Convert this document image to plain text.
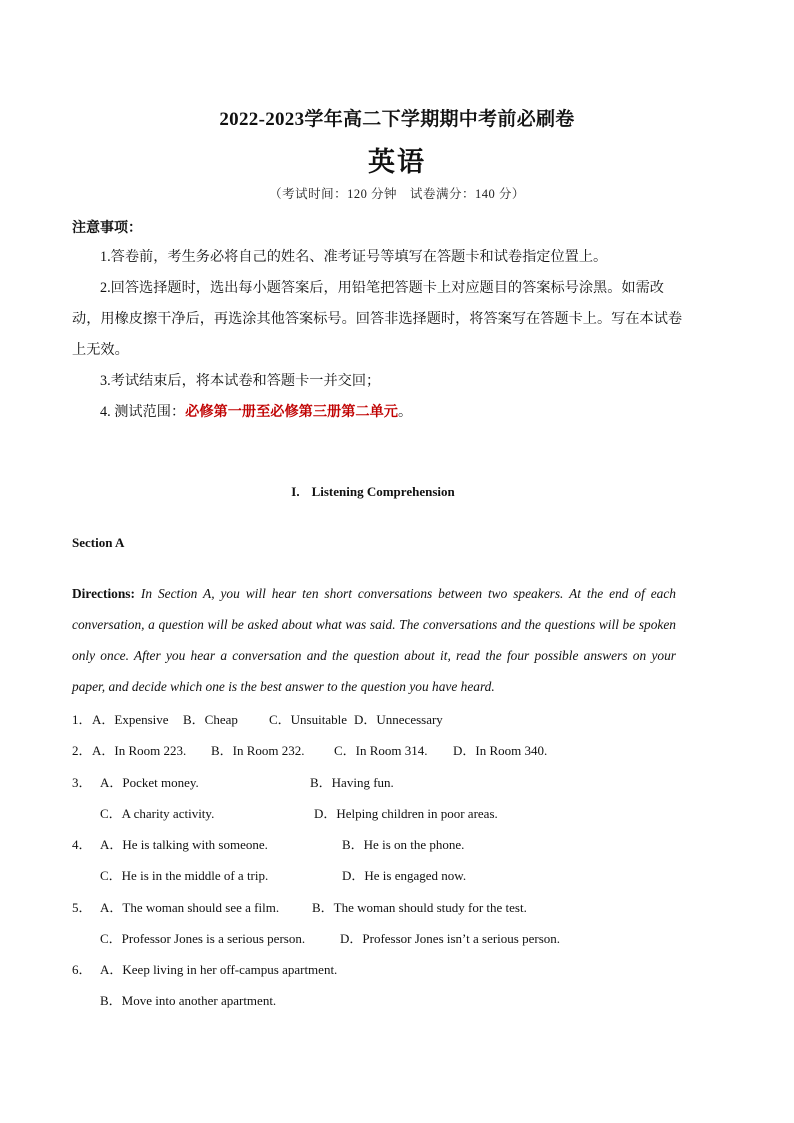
2022-2023学年高二下学期期中考前必刷卷
英语
（考试时间：120 分钟　试卷满分：140 分）
注意事项：
1.答卷前，考生务必将自己的姓名、准考证号等填写在答题卡和试卷指定位置上。
2.回答选择题时，选出每小题答案后，用铅笔把答题卡上对应题目的答案标号涂黑。如需改动，用橡皮擦干净后，再选涂其他答案标号。回答非选择题时，将答案写在答题卡上。写在本试卷上无效。
3.考试结束后，将本试卷和答题卡一并交回；
4. 测试范围：必修第一册至必修第三册第二单元。
I. Listening Comprehension
Section A
Directions: In Section A, you will hear ten short conversations between two speakers. At the end of each conversation, a question will be asked about what was said. The conversations and the questions will be spoken only once. After you hear a conversation and the question about it, read the four possible answers on your paper, and decide which one is the best answer to the question you have heard.
1． A．Expensive B．Cheap C．Unsuitable D．Unnecessary
2． A．In Room 223. B．In Room 232. C．In Room 314. D．In Room 340.
3． A．Pocket money.	B．Having fun.
C．A charity activity.	D．Helping children in poor areas.
4． A．He is talking with someone.	B．He is on the phone.
C．He is in the middle of a trip.	D．He is engaged now.
5． A．The woman should see a film.	B．The woman should study for the test.
C．Professor Jones is a serious person.	D．Professor Jones isn’t a serious person.
6． A．Keep living in her off-campus apartment.
B．Move into another apartment.
